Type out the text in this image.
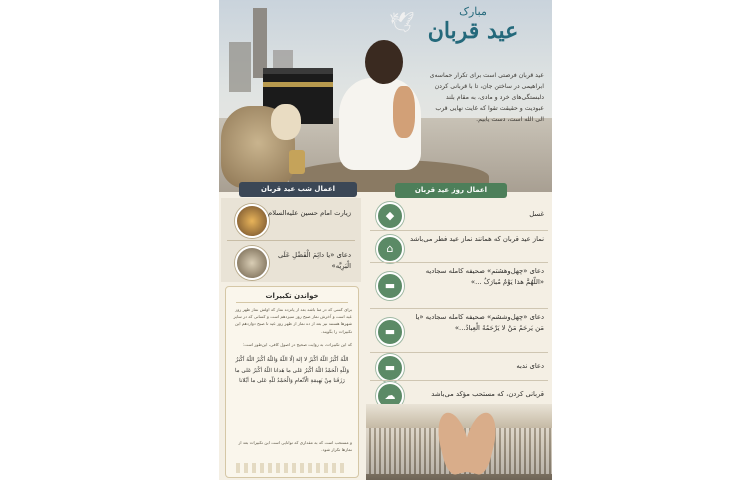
🕊	مبارک
عید قربان
عید قربان فرصتی است برای تکرار حماسه‌ی ابراهیمی در ساختن جان، تا با قربانی کردن دلبستگی‌های خرد و مادی، به مقام بلند عبودیت و حقیقت تقوا که غایت نهایی قرب الی الله است، دست یابیم.
اعمال شب عید قربان	اعمال روز عید قربان
زیارت امام حسین علیه‌السلام
دعای «یا دائِمَ الْفَضْلِ عَلَی الْبَرِیَّه»
خواندن تکبیرات
برای کسی که در منا باشد بعد از پانزده نماز که اولش نماز ظهر روز عید است و آخرش نماز صبح روز سیزدهم است و کسانی که در سایر شهرها هستند نیز بعد از ده نماز از ظهر روز عید تا صبح دوازدهم این تکبیرات را بگویند.
که این تکبیرات، به روایت صحیح در اصول کافی، این‌طور است:
اللّهُ أكْبَرُ اللّهُ أكْبَرُ لا إلهَ إلّا اللّهُ وَاللّهُ أكْبَرُ اللّهُ أكْبَرُ وَللّهِ الْحَمْدُ اللّهُ أكْبَرُ عَلى ما هَدانا اللّهُ أكْبَرُ عَلى ما رَزَقَنا مِنْ بَهِيمَةِ الْأنْعامِ وَالْحَمْدُ للّهِ عَلى ما أبْلانا
و مستحب است که به مقداری که توانایی است این تکبیرات بعد از نمازها تکرار شود.
◆	غسل
⌂
نماز عید قربان که همانند نماز عید فطر می‌باشد
▬
دعای «چهل‌وهشتم» صحیفه کامله سجادیه «اللّهُمَّ هذا یَوْمٌ مُبارَکٌ ...»
▬
دعای «چهل‌وششم» صحیفه کامله سجادیه «یا مَن یَرحَمُ مَنْ لا یَرْحَمُهُ الْعِبادُ...»
▬	دعای ندبه
☁	قربانی کردن، که مستحب مؤکد می‌باشد
